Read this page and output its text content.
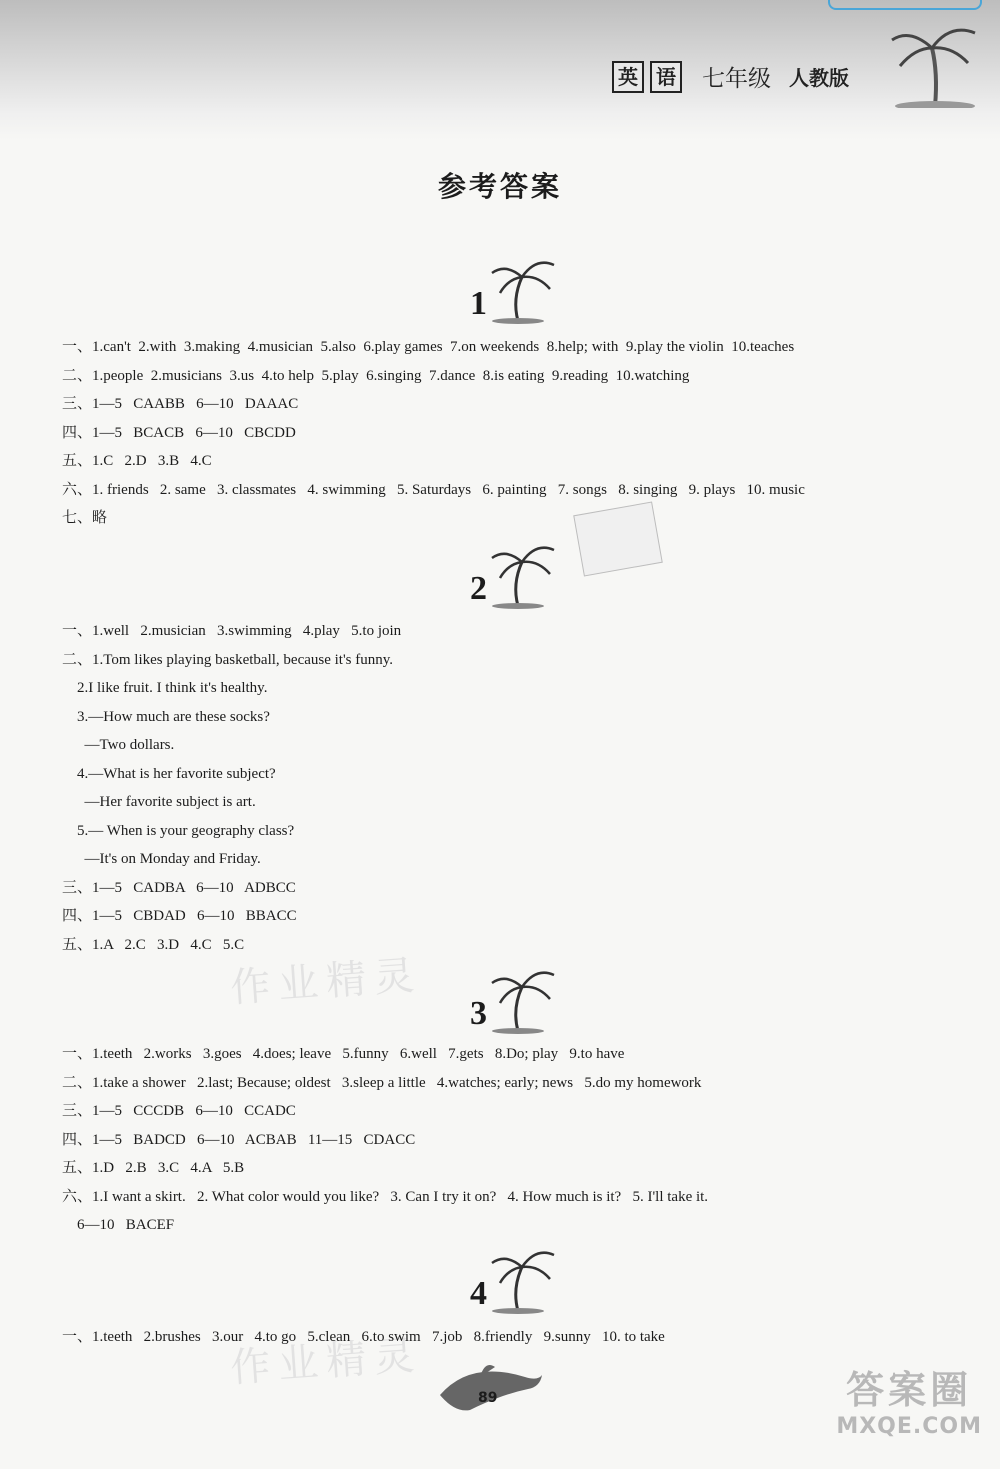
英 语 七年级 人教版
参考答案
作业精灵
作业精灵
1
一、1.can't  2.with  3.making  4.musician  5.also  6.play games  7.on weekends  8.help; with  9.play the violin  10.teaches
二、1.people  2.musicians  3.us  4.to help  5.play  6.singing  7.dance  8.is eating  9.reading  10.watching
三、1—5   CAABB   6—10   DAAAC
四、1—5   BCACB   6—10   CBCDD
五、1.C   2.D   3.B   4.C
六、1. friends   2. same   3. classmates   4. swimming   5. Saturdays   6. painting   7. songs   8. singing   9. plays   10. music
七、略
2
一、1.well   2.musician   3.swimming   4.play   5.to join
二、1.Tom likes playing basketball, because it's funny.
2.I like fruit. I think it's healthy.
3.—How much are these socks?
—Two dollars.
4.—What is her favorite subject?
—Her favorite subject is art.
5.— When is your geography class?
—It's on Monday and Friday.
三、1—5   CADBA   6—10   ADBCC
四、1—5   CBDAD   6—10   BBACC
五、1.A   2.C   3.D   4.C   5.C
3
一、1.teeth   2.works   3.goes   4.does; leave   5.funny   6.well   7.gets   8.Do; play   9.to have
二、1.take a shower   2.last; Because; oldest   3.sleep a little   4.watches; early; news   5.do my homework
三、1—5   CCCDB   6—10   CCADC
四、1—5   BADCD   6—10   ACBAB   11—15   CDACC
五、1.D   2.B   3.C   4.A   5.B
六、1.I want a skirt.   2. What color would you like?   3. Can I try it on?   4. How much is it?   5. I'll take it.
6—10   BACEF
4
一、1.teeth   2.brushes   3.our   4.to go   5.clean   6.to swim   7.job   8.friendly   9.sunny   10. to take
89	答案圈
MXQE.COM
